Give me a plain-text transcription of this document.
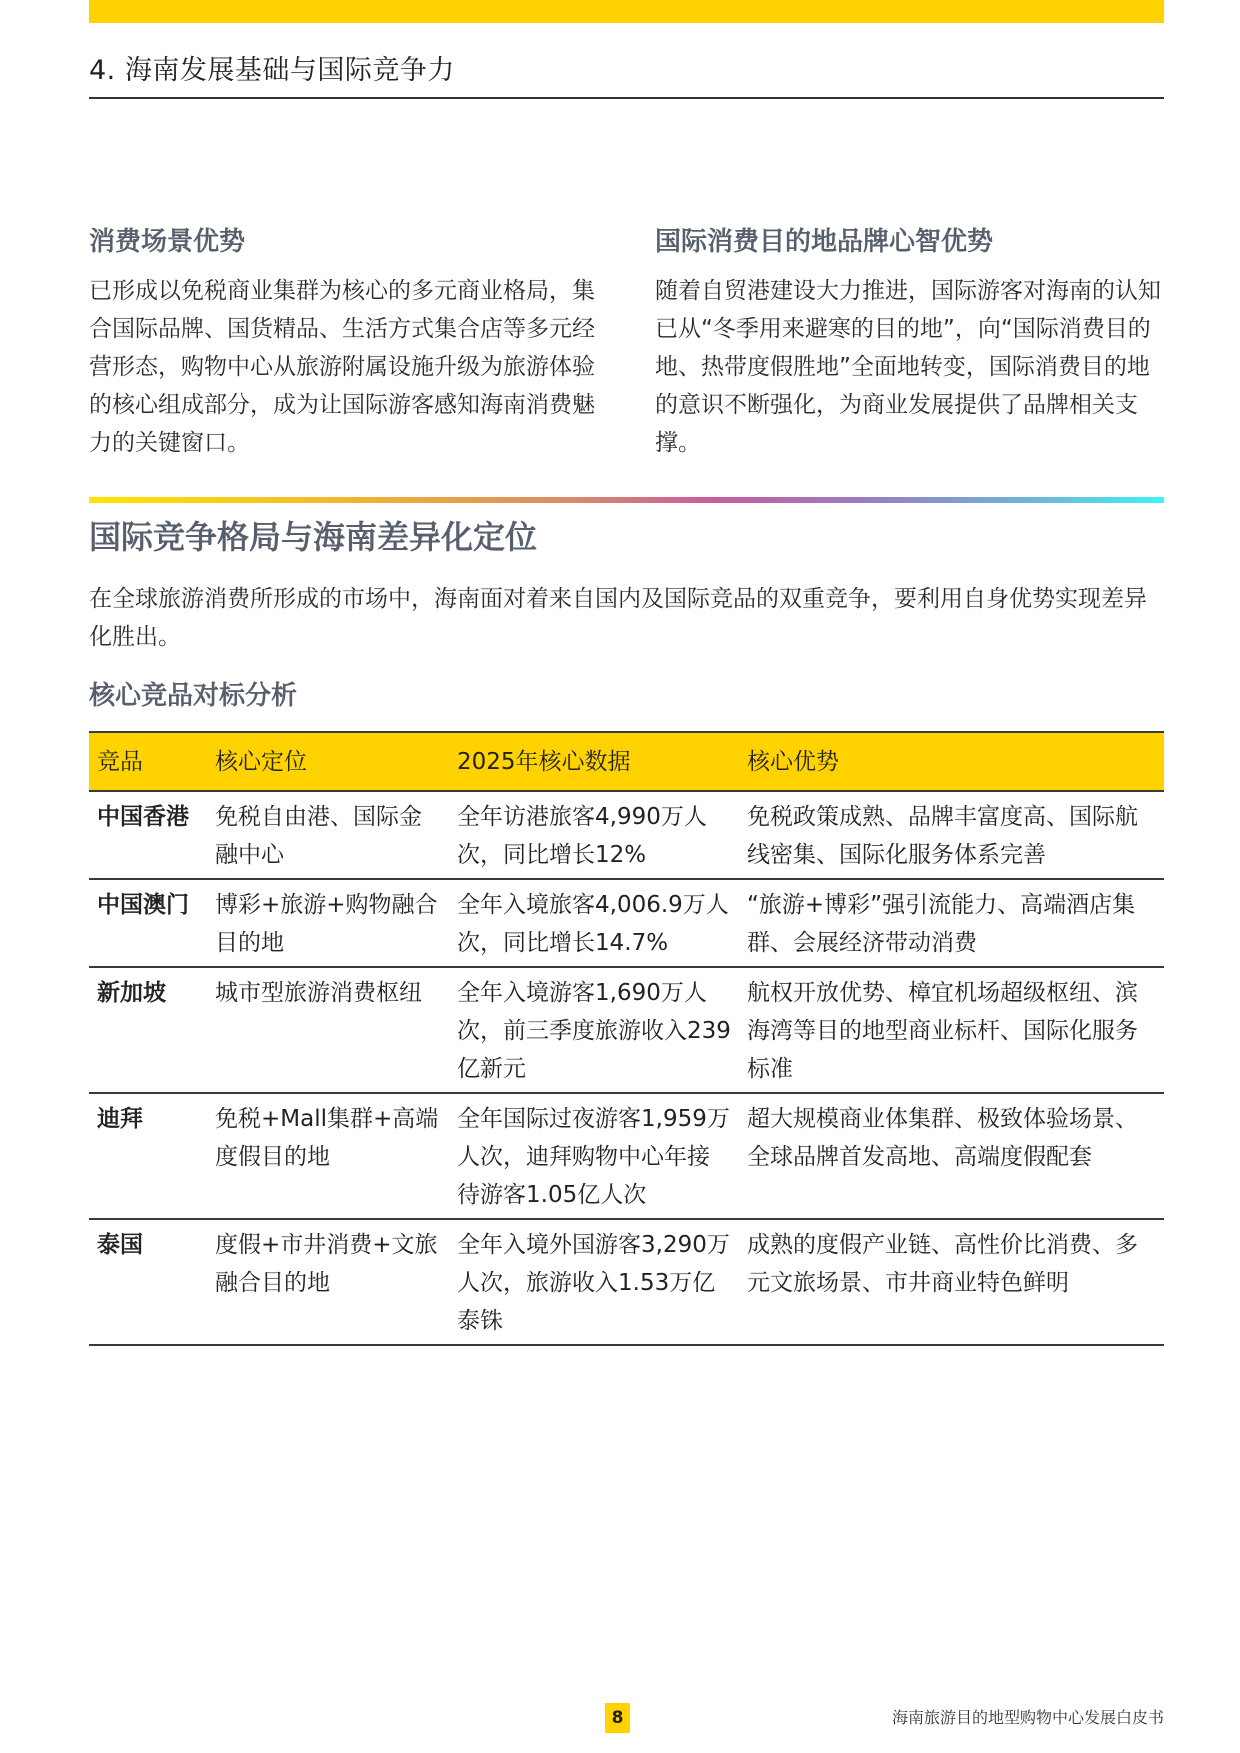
4. 海南发展基础与国际竞争力
消费场景优势

已形成以免税商业集群为核心的多元商业格局，集合国际品牌、国货精品、生活方式集合店等多元经营形态，购物中心从旅游附属设施升级为旅游体验的核心组成部分，成为让国际游客感知海南消费魅力的关键窗口。

国际消费目的地品牌心智优势

随着自贸港建设大力推进，国际游客对海南的认知已从“冬季用来避寒的目的地”，向“国际消费目的地、热带度假胜地”全面地转变，国际消费目的地的意识不断强化，为商业发展提供了品牌相关支撑。

国际竞争格局与海南差异化定位
在全球旅游消费所形成的市场中，海南面对着来自国内及国际竞品的双重竞争，要利用自身优势实现差异化胜出。
核心竞品对标分析
竞品	核心定位	2025年核心数据	核心优势
中国香港	免税自由港、国际金融中心	全年访港旅客4,990万人次，同比增长12%	免税政策成熟、品牌丰富度高、国际航线密集、国际化服务体系完善
中国澳门	博彩+旅游+购物融合目的地	全年入境旅客4,006.9万人次，同比增长14.7%	“旅游+博彩”强引流能力、高端酒店集群、会展经济带动消费
新加坡	城市型旅游消费枢纽	全年入境游客1,690万人次，前三季度旅游收入239亿新元	航权开放优势、樟宜机场超级枢纽、滨海湾等目的地型商业标杆、国际化服务标准
迪拜	免税+Mall集群+高端度假目的地	全年国际过夜游客1,959万人次，迪拜购物中心年接待游客1.05亿人次	超大规模商业体集群、极致体验场景、全球品牌首发高地、高端度假配套
泰国	度假+市井消费+文旅融合目的地	全年入境外国游客3,290万人次，旅游收入1.53万亿泰铢	成熟的度假产业链、高性价比消费、多元文旅场景、市井商业特色鲜明
8	海南旅游目的地型购物中心发展白皮书
